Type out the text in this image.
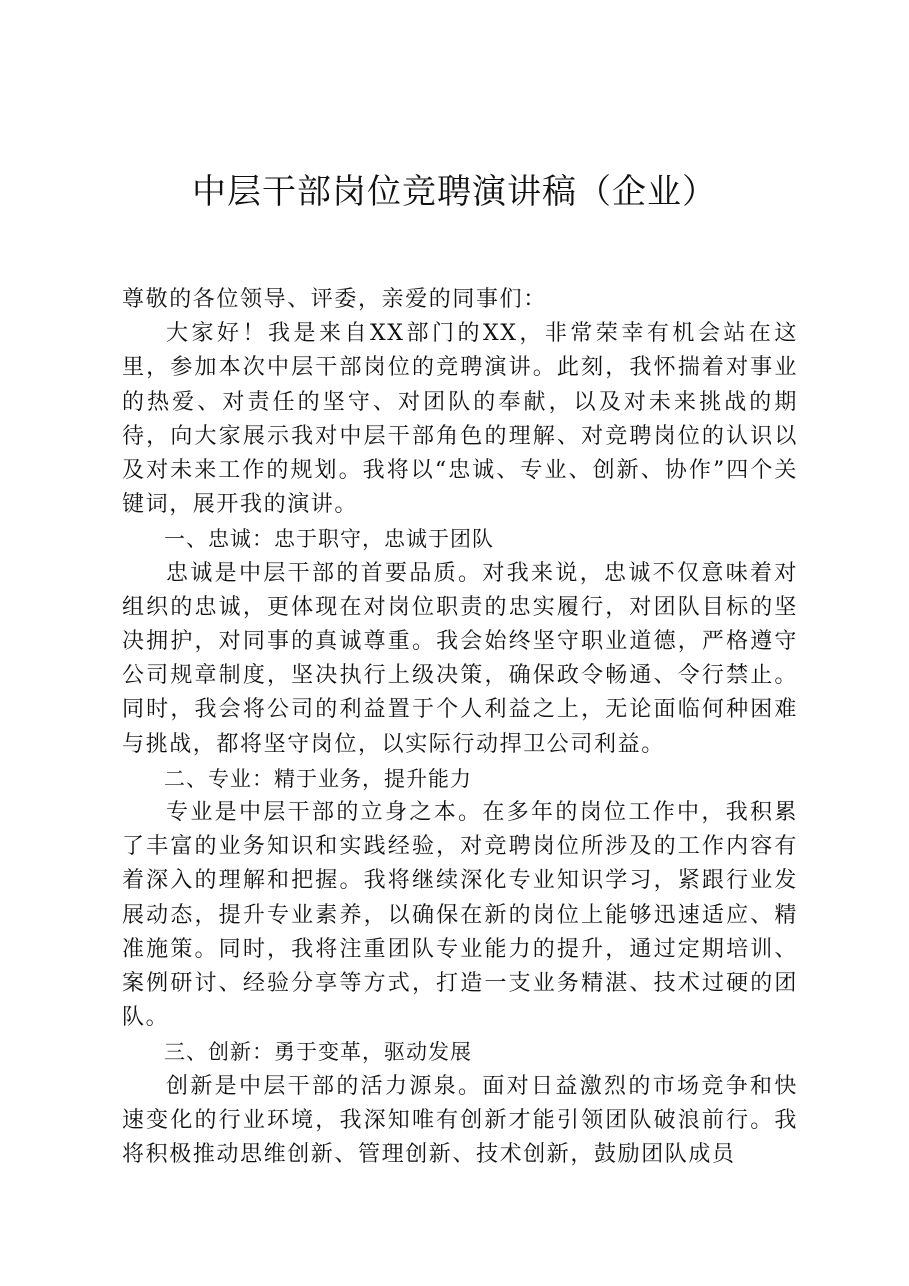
中层干部岗位竞聘演讲稿（企业）

尊敬的各位领导、评委，亲爱的同事们：

大家好！我是来自XX部门的XX，非常荣幸有机会站在这里，参加本次中层干部岗位的竞聘演讲。此刻，我怀揣着对事业的热爱、对责任的坚守、对团队的奉献，以及对未来挑战的期待，向大家展示我对中层干部角色的理解、对竞聘岗位的认识以及对未来工作的规划。我将以“忠诚、专业、创新、协作”四个关键词，展开我的演讲。

一、忠诚：忠于职守，忠诚于团队

忠诚是中层干部的首要品质。对我来说，忠诚不仅意味着对组织的忠诚，更体现在对岗位职责的忠实履行，对团队目标的坚决拥护，对同事的真诚尊重。我会始终坚守职业道德，严格遵守公司规章制度，坚决执行上级决策，确保政令畅通、令行禁止。同时，我会将公司的利益置于个人利益之上，无论面临何种困难与挑战，都将坚守岗位，以实际行动捍卫公司利益。

二、专业：精于业务，提升能力

专业是中层干部的立身之本。在多年的岗位工作中，我积累了丰富的业务知识和实践经验，对竞聘岗位所涉及的工作内容有着深入的理解和把握。我将继续深化专业知识学习，紧跟行业发展动态，提升专业素养，以确保在新的岗位上能够迅速适应、精准施策。同时，我将注重团队专业能力的提升，通过定期培训、案例研讨、经验分享等方式，打造一支业务精湛、技术过硬的团队。

三、创新：勇于变革，驱动发展

创新是中层干部的活力源泉。面对日益激烈的市场竞争和快速变化的行业环境，我深知唯有创新才能引领团队破浪前行。我将积极推动思维创新、管理创新、技术创新，鼓励团队成员
